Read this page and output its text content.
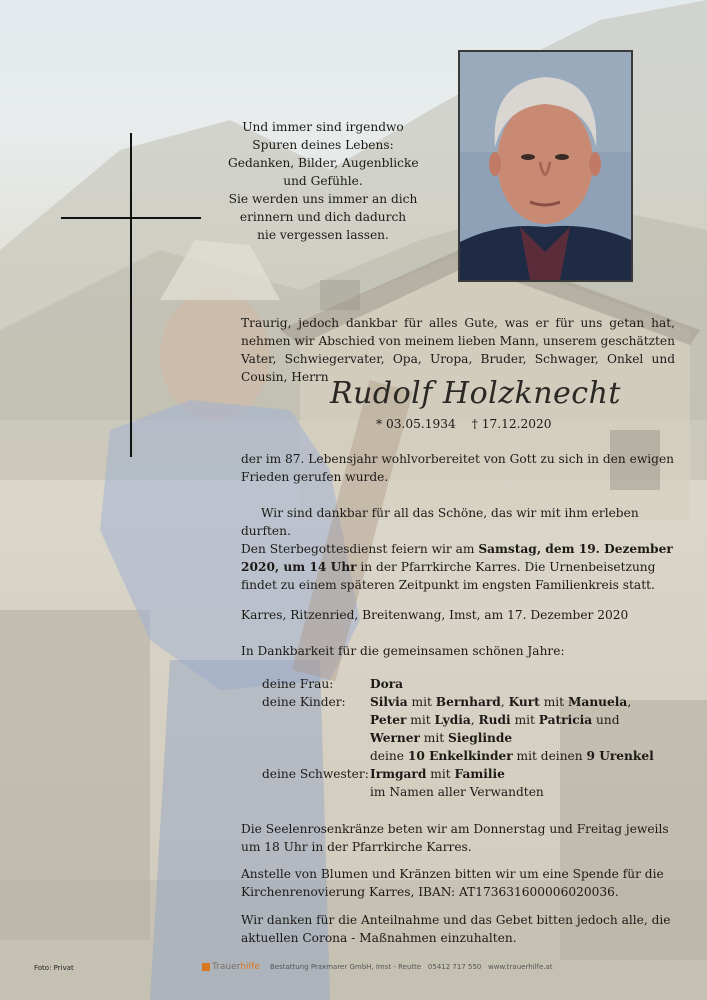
Und immer sind irgendwo
Spuren deines Lebens:
Gedanken, Bilder, Augenblicke
und Gefühle.
Sie werden uns immer an dich
erinnern und dich dadurch
nie vergessen lassen.
Traurig, jedoch dankbar für alles Gute, was er für uns getan hat, nehmen wir Abschied von meinem lieben Mann, unserem geschätzten Vater, Schwiegervater, Opa, Uropa, Bruder, Schwager, Onkel und Cousin, Herrn Rudolf Holzknecht
* 03.05.1934 † 17.12.2020
der im 87. Lebensjahr wohlvorbereitet von Gott zu sich in den ewigen Frieden gerufen wurde.
Wir sind dankbar für all das Schöne, das wir mit ihm erleben durften.
Den Sterbegottesdienst feiern wir am Samstag, dem 19. Dezember 2020, um 14 Uhr in der Pfarrkirche Karres. Die Urnenbeisetzung findet zu einem späteren Zeitpunkt im engsten Familienkreis statt.
Karres, Ritzenried, Breitenwang, Imst, am 17. Dezember 2020
In Dankbarkeit für die gemeinsamen schönen Jahre:
deine Frau:	Dora
deine Kinder: Silvia mit Bernhard, Kurt mit Manuela,
Peter mit Lydia, Rudi mit Patricia und
Werner mit Sieglinde
deine 10 Enkelkinder mit deinen 9 Urenkel
deine Schwester: Irmgard mit Familie
im Namen aller Verwandten
Die Seelenrosenkränze beten wir am Donnerstag und Freitag jeweils um 18 Uhr in der Pfarrkirche Karres.
Anstelle von Blumen und Kränzen bitten wir um eine Spende für die Kirchenrenovierung Karres, IBAN: AT173631600006020036.
Wir danken für die Anteilnahme und das Gebet bitten jedoch alle, die aktuellen Corona - Maßnahmen einzuhalten.
Foto: Privat	Trauerhilfe Bestattung Praxmarer GmbH, Imst - Reutte 05412 717 550 www.trauerhilfe.at
